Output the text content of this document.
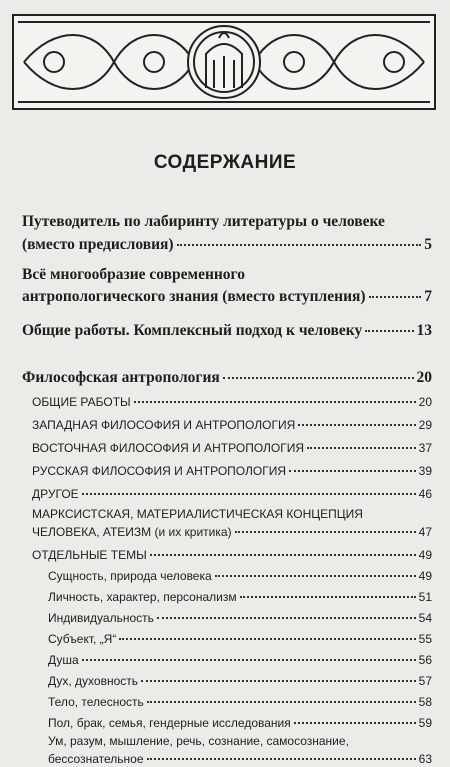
СОДЕРЖАНИЕ
Путеводитель по лабиринту литературы о человеке
(вместо предисловия)	5
Всё многообразие современного
антропологического знания (вместо вступления)	7
Общие работы. Комплексный подход к человеку	13
Философская антропология	20
ОБЩИЕ РАБОТЫ	20
ЗАПАДНАЯ ФИЛОСОФИЯ И АНТРОПОЛОГИЯ	29
ВОСТОЧНАЯ ФИЛОСОФИЯ И АНТРОПОЛОГИЯ	37
РУССКАЯ ФИЛОСОФИЯ И АНТРОПОЛОГИЯ	39
ДРУГОЕ	46
МАРКСИСТСКАЯ, МАТЕРИАЛИСТИЧЕСКАЯ КОНЦЕПЦИЯ
ЧЕЛОВЕКА, АТЕИЗМ (и их критика)	47
ОТДЕЛЬНЫЕ ТЕМЫ	49
Сущность, природа человека	49
Личность, характер, персонализм	51
Индивидуальность	54
Субъект, „Я“	55
Душа	56
Дух, духовность	57
Тело, телесность	58
Пол, брак, семья, гендерные исследования	59
Ум, разум, мышление, речь, сознание, самосознание,
бессознательное	63
